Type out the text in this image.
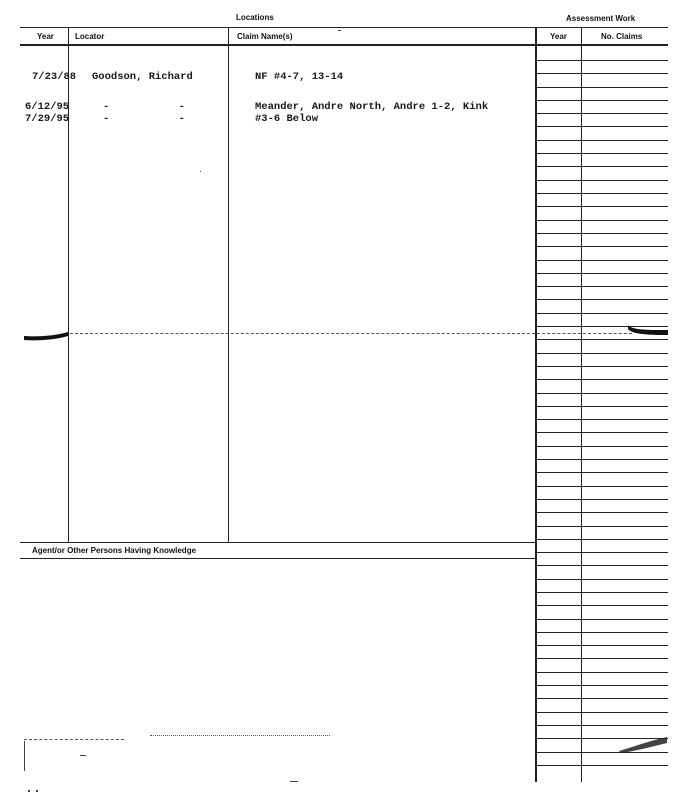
Locations	Assessment Work
Year	Locator	Claim Name(s)	Year	No. Claims
7/23/88 Goodson, Richard	NF #4-7, 13-14
6/12/95	-           -	Meander, Andre North, Andre 1-2, Kink
7/29/95	-           -	#3-6 Below
Agent/or Other Persons Having Knowledge
